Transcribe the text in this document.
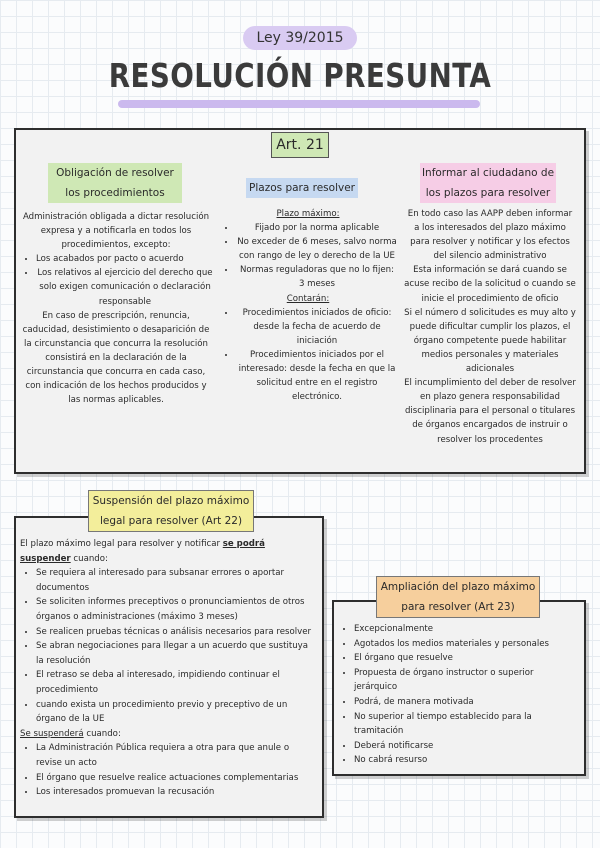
Ley 39/2015
RESOLUCIÓN PRESUNTA
Art. 21
Obligación de resolver
los procedimientos	Plazos para resolver
Informar al ciudadano de
los plazos para resolver
Administración obligada a dictar resolución expresa y a notificarla en todos los procedimientos, excepto:
• Los acabados por pacto o acuerdo
• Los relativos al ejercicio del derecho que solo exigen comunicación o declaración responsable
En caso de prescripción, renuncia, caducidad, desistimiento o desaparición de la circunstancia que concurra la resolución consistirá en la declaración de la circunstancia que concurra en cada caso, con indicación de los hechos producidos y las normas aplicables.
Plazo máximo:
• Fijado por la norma aplicable
• No exceder de 6 meses, salvo norma con rango de ley o derecho de la UE
• Normas reguladoras que no lo fijen: 3 meses
Contarán:
• Procedimientos iniciados de oficio: desde la fecha de acuerdo de iniciación
• Procedimientos iniciados por el interesado: desde la fecha en que la solicitud entre en el registro electrónico.
En todo caso las AAPP deben informar a los interesados del plazo máximo para resolver y notificar y los efectos del silencio administrativo
Esta información se dará cuando se acuse recibo de la solicitud o cuando se inicie el procedimiento de oficio
Si el número d solicitudes es muy alto y puede dificultar cumplir los plazos, el órgano competente puede habilitar medios personales y materiales adicionales
El incumplimiento del deber de resolver en plazo genera responsabilidad disciplinaria para el personal o titulares de órganos encargados de instruir o resolver los procedentes
Suspensión del plazo máximo
legal para resolver (Art 22)
El plazo máximo legal para resolver y notificar se podrá suspender cuando:
• Se requiera al interesado para subsanar errores o aportar documentos
• Se soliciten informes preceptivos o pronunciamientos de otros órganos o administraciones (máximo 3 meses)
• Se realicen pruebas técnicas o análisis necesarios para resolver
• Se abran negociaciones para llegar a un acuerdo que sustituya la resolución
• El retraso se deba al interesado, impidiendo continuar el procedimiento
• cuando exista un procedimiento previo y preceptivo de un órgano de la UE
Se suspenderá cuando:
• La Administración Pública requiera a otra para que anule o revise un acto
• El órgano que resuelve realice actuaciones complementarias
• Los interesados promuevan la recusación
Ampliación del plazo máximo
para resolver (Art 23)
• Excepcionalmente
• Agotados los medios materiales y personales
• El órgano que resuelve
• Propuesta de órgano instructor o superior jerárquico
• Podrá, de manera motivada
• No superior al tiempo establecido para la tramitación
• Deberá notificarse
• No cabrá resurso
